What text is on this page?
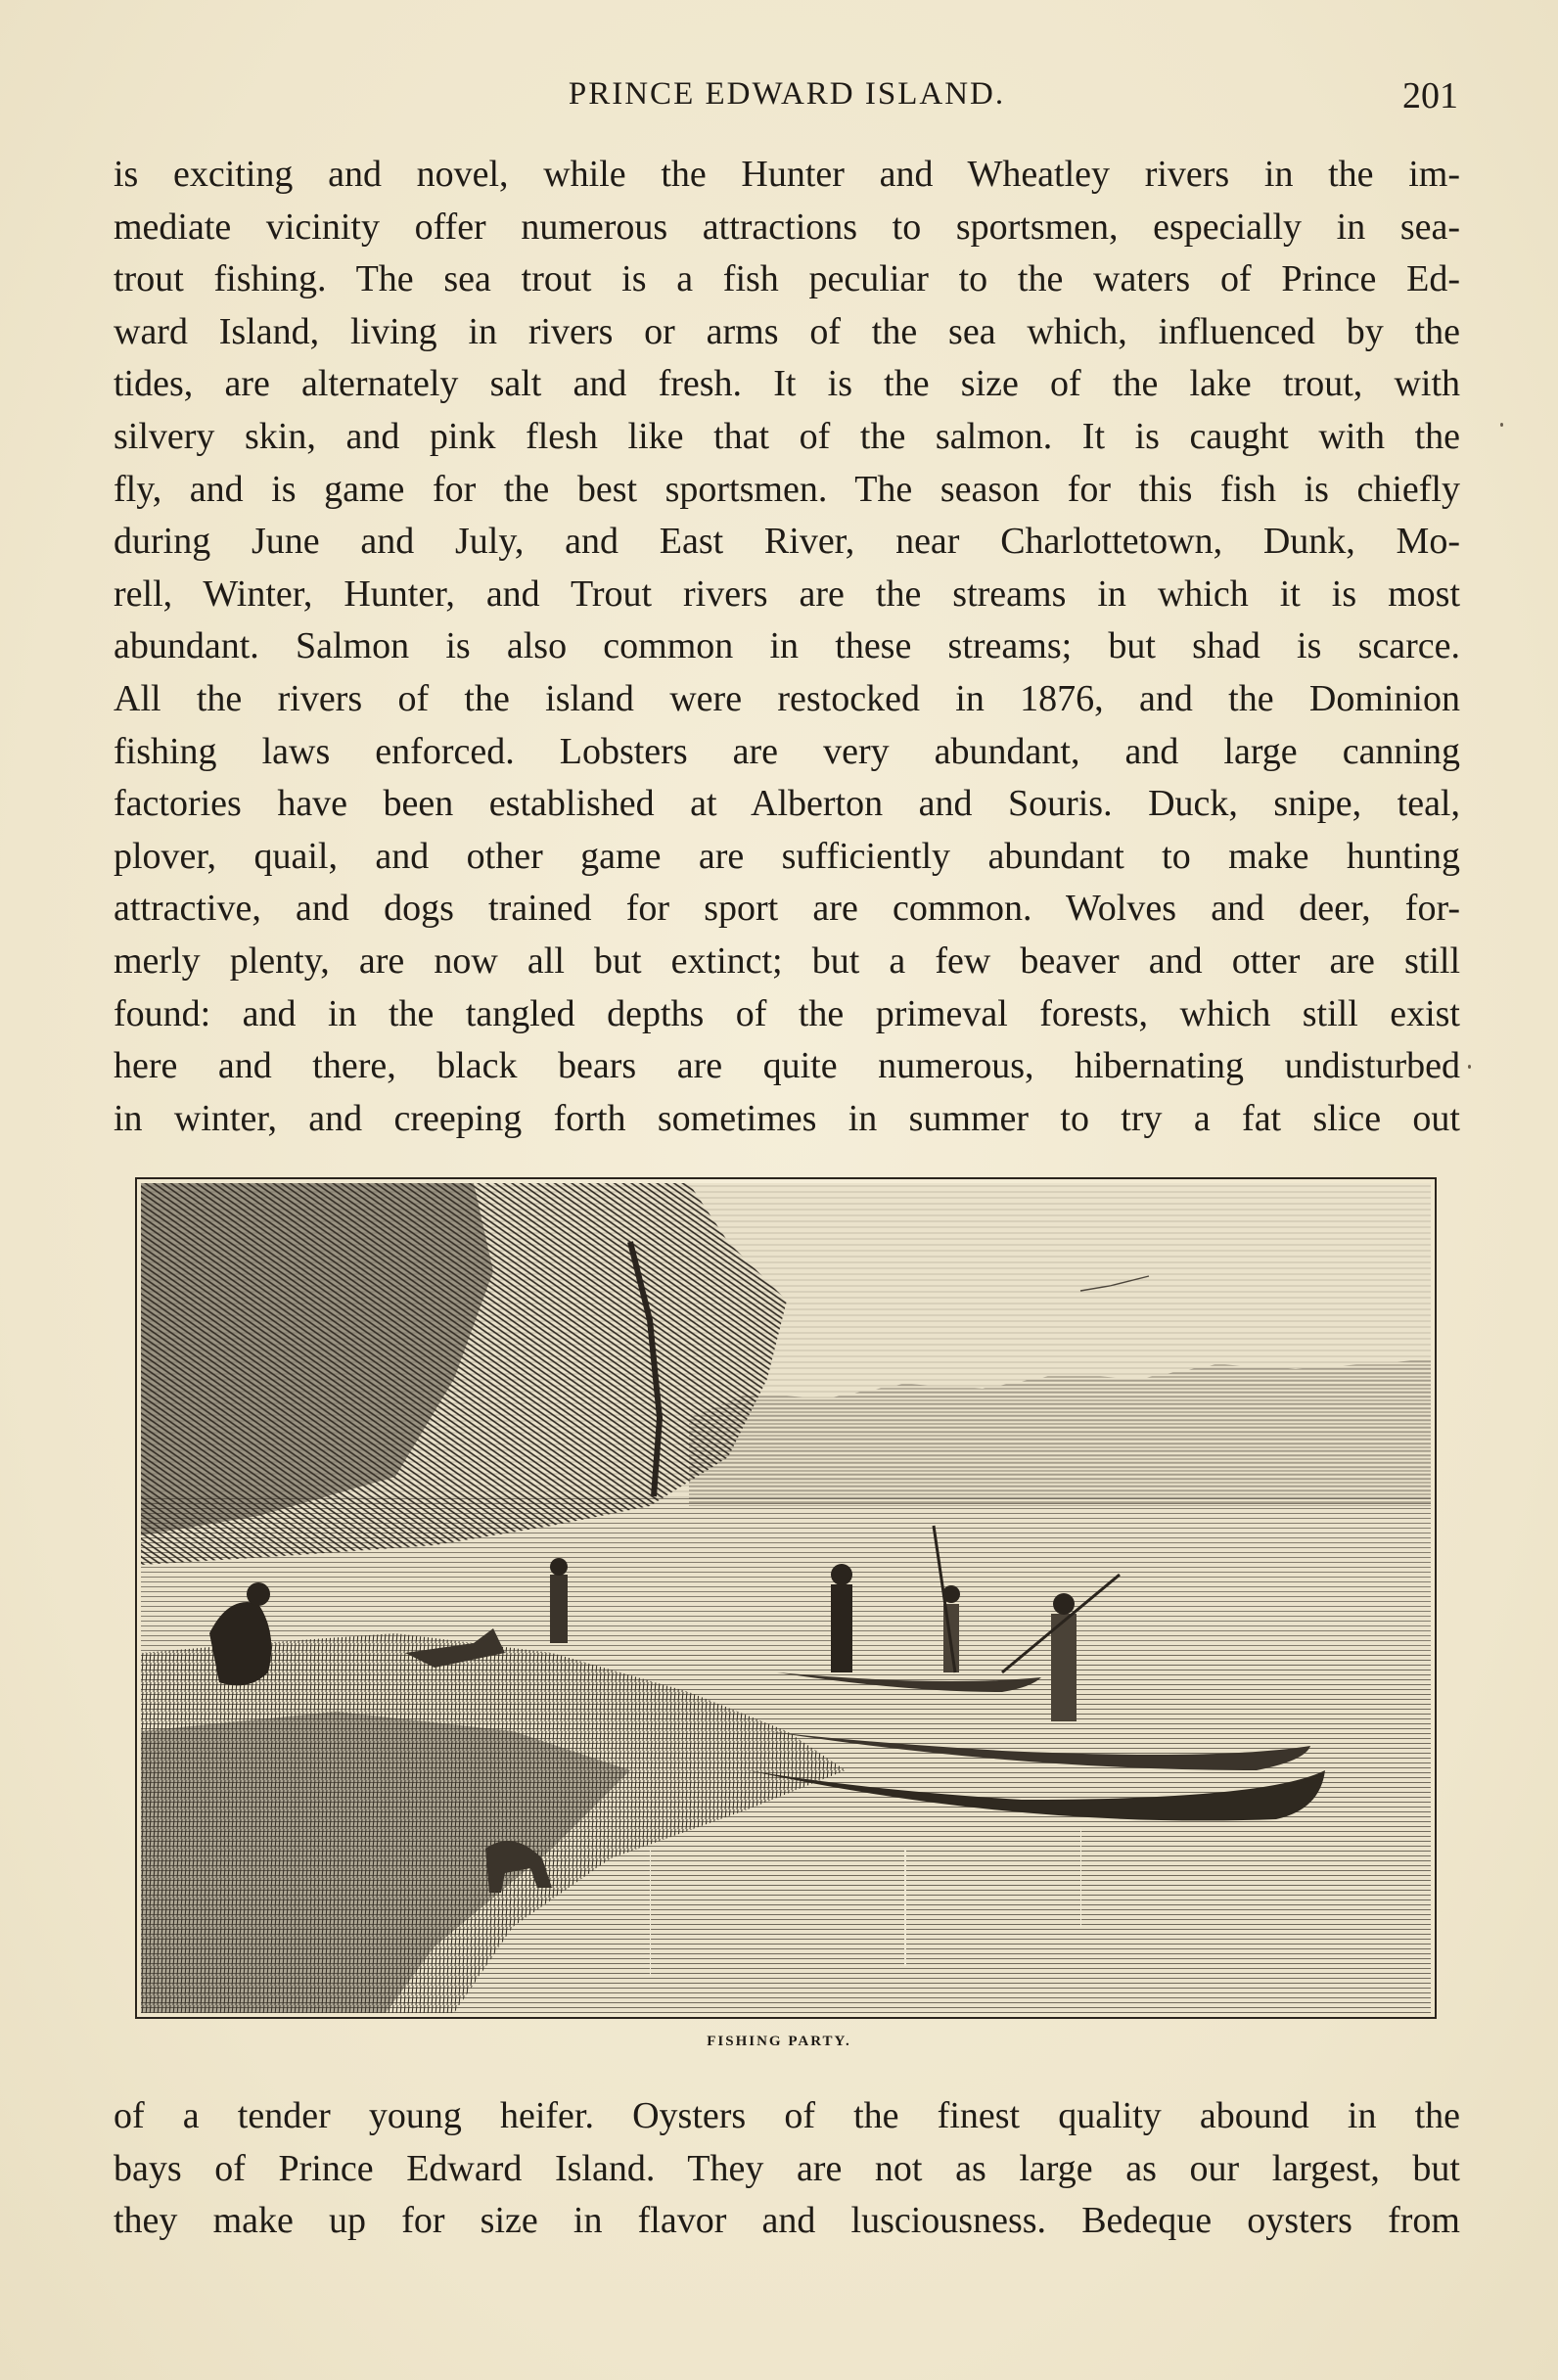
PRINCE EDWARD ISLAND.	201
is exciting and novel, while the Hunter and Wheatley rivers in the im-
mediate vicinity offer numerous attractions to sportsmen, especially in sea-
trout fishing. The sea trout is a fish peculiar to the waters of Prince Ed-
ward Island, living in rivers or arms of the sea which, influenced by the
tides, are alternately salt and fresh. It is the size of the lake trout, with
silvery skin, and pink flesh like that of the salmon. It is caught with the
fly, and is game for the best sportsmen. The season for this fish is chiefly
during June and July, and East River, near Charlottetown, Dunk, Mo-
rell, Winter, Hunter, and Trout rivers are the streams in which it is most
abundant. Salmon is also common in these streams; but shad is scarce.
All the rivers of the island were restocked in 1876, and the Dominion
fishing laws enforced. Lobsters are very abundant, and large canning
factories have been established at Alberton and Souris. Duck, snipe, teal,
plover, quail, and other game are sufficiently abundant to make hunting
attractive, and dogs trained for sport are common. Wolves and deer, for-
merly plenty, are now all but extinct; but a few beaver and otter are still
found: and in the tangled depths of the primeval forests, which still exist
here and there, black bears are quite numerous, hibernating undisturbed
in winter, and creeping forth sometimes in summer to try a fat slice out
FISHING PARTY.
of a tender young heifer. Oysters of the finest quality abound in the
bays of Prince Edward Island. They are not as large as our largest, but
they make up for size in flavor and lusciousness. Bedeque oysters from
